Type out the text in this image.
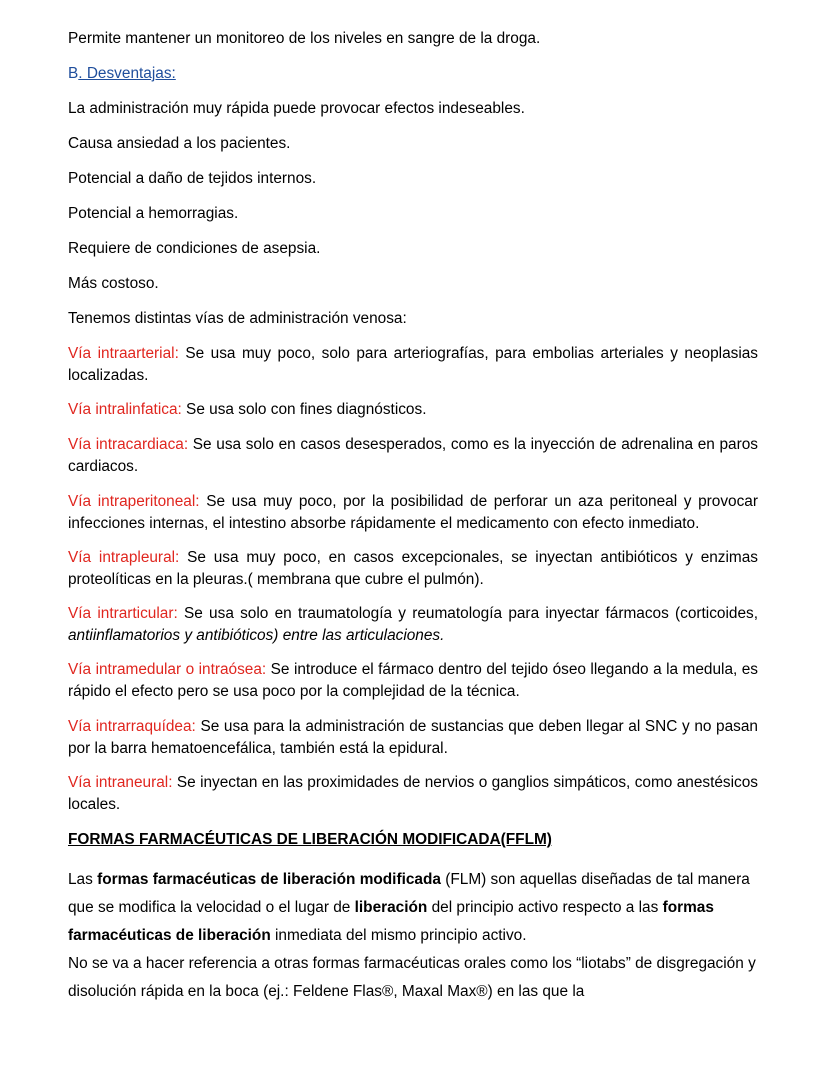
Permite mantener un monitoreo de los niveles en sangre de la droga.

B. Desventajas:

La administración muy rápida puede provocar efectos indeseables.

Causa ansiedad a los pacientes.

Potencial a daño de tejidos internos.

Potencial a hemorragias.

Requiere de condiciones de asepsia.

Más costoso.

Tenemos distintas vías de administración venosa:

Vía intraarterial: Se usa muy poco, solo para arteriografías, para embolias arteriales y neoplasias localizadas.

Vía intralinfatica: Se usa solo con fines diagnósticos.

Vía intracardiaca: Se usa solo en casos desesperados, como es la inyección de adrenalina en paros cardiacos.

Vía intraperitoneal: Se usa muy poco, por la posibilidad de perforar un aza peritoneal y provocar infecciones internas, el intestino absorbe rápidamente el medicamento con efecto inmediato.

Vía intrapleural: Se usa muy poco, en casos excepcionales, se inyectan antibióticos y enzimas proteolíticas en la pleuras.( membrana que cubre el pulmón).

Vía intrarticular: Se usa solo en traumatología y reumatología para inyectar fármacos (corticoides, antiinflamatorios y antibióticos) entre las articulaciones.

Vía intramedular o intraósea: Se introduce el fármaco dentro del tejido óseo llegando a la medula, es rápido el efecto pero se usa poco por la complejidad de la técnica.

Vía intrarraquídea: Se usa para la administración de sustancias que deben llegar al SNC y no pasan por la barra hematoencefálica, también está la epidural.

Vía intraneural: Se inyectan en las proximidades de nervios o ganglios simpáticos, como anestésicos locales.

FORMAS FARMACÉUTICAS DE LIBERACIÓN MODIFICADA(FFLM)

Las formas farmacéuticas de liberación modificada (FLM) son aquellas diseñadas de tal manera que se modifica la velocidad o el lugar de liberación del principio activo respecto a las formas farmacéuticas de liberación inmediata del mismo principio activo.

No se va a hacer referencia a otras formas farmacéuticas orales como los “liotabs” de disgregación y disolución rápida en la boca (ej.: Feldene Flas®, Maxal Max®) en las que la
